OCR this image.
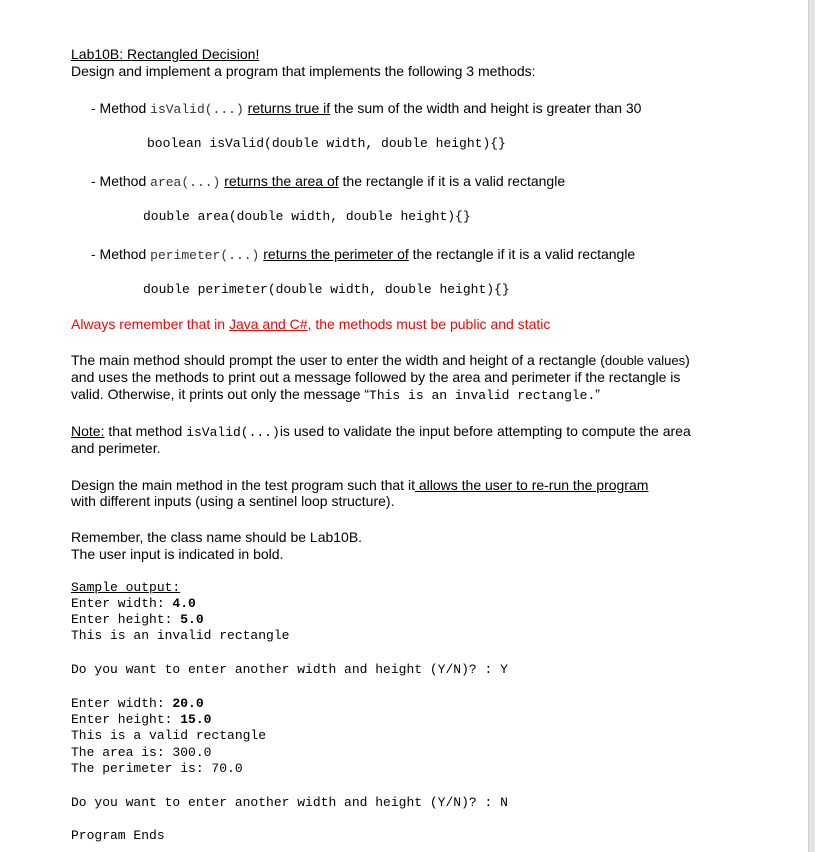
Lab10B: Rectangled Decision!
Design and implement a program that implements the following 3 methods:
- Method isValid(...) returns true if the sum of the width and height is greater than 30
boolean isValid(double width, double height){}
- Method area(...) returns the area of the rectangle if it is a valid rectangle
double area(double width, double height){}
- Method perimeter(...) returns the perimeter of the rectangle if it is a valid rectangle
double perimeter(double width, double height){}
Always remember that in Java and C#, the methods must be public and static
The main method should prompt the user to enter the width and height of a rectangle (double values)
and uses the methods to print out a message followed by the area and perimeter if the rectangle is
valid. Otherwise, it prints out only the message “This is an invalid rectangle.”
Note: that method isValid(...)is used to validate the input before attempting to compute the area
and perimeter.
Design the main method in the test program such that it allows the user to re-run the program
with different inputs (using a sentinel loop structure).
Remember, the class name should be Lab10B.
The user input is indicated in bold.
Sample output:
Enter width: 4.0
Enter height: 5.0
This is an invalid rectangle
Do you want to enter another width and height (Y/N)? : Y
Enter width: 20.0
Enter height: 15.0
This is a valid rectangle
The area is: 300.0
The perimeter is: 70.0
Do you want to enter another width and height (Y/N)? : N
Program Ends
